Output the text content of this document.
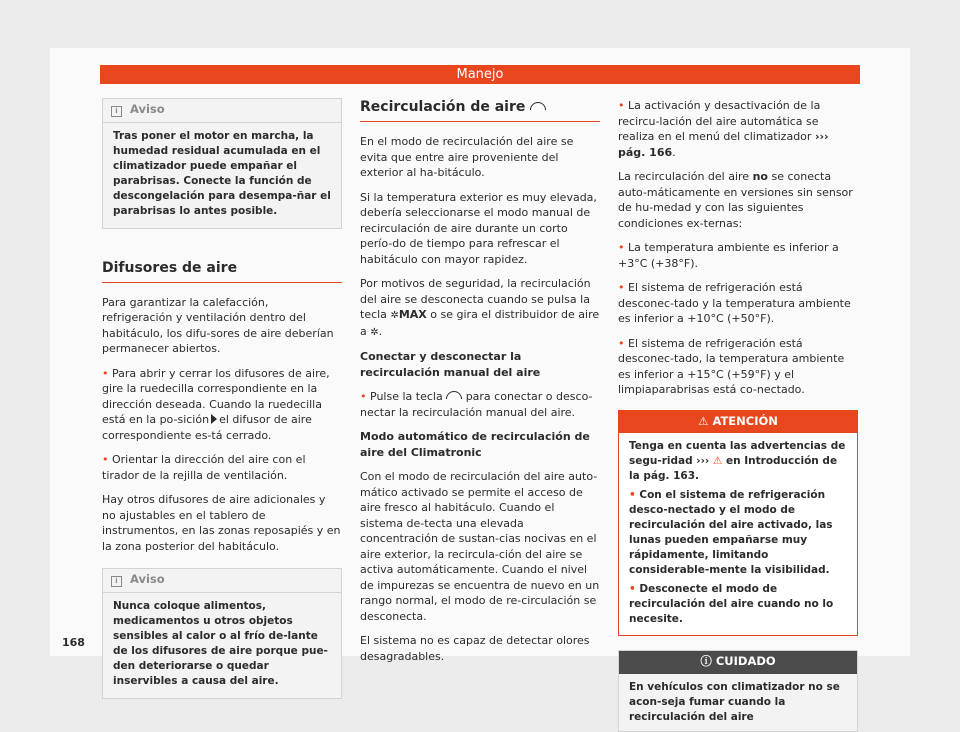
Manejo
i Aviso
Tras poner el motor en marcha, la humedad residual acumulada en el climatizador puede empañar el parabrisas. Conecte la función de descongelación para desempa-ñar el parabrisas lo antes posible.
Difusores de aire

Para garantizar la calefacción, refrigeración y ventilación dentro del habitáculo, los difu-sores de aire deberían permanecer abiertos.

• Para abrir y cerrar los difusores de aire, gire la ruedecilla correspondiente en la dirección deseada. Cuando la ruedecilla está en la po-sición el difusor de aire correspondiente es-tá cerrado.

• Orientar la dirección del aire con el tirador de la rejilla de ventilación.

Hay otros difusores de aire adicionales y no ajustables en el tablero de instrumentos, en las zonas reposapiés y en la zona posterior del habitáculo.

i Aviso
Nunca coloque alimentos, medicamentos u otros objetos sensibles al calor o al frío de-lante de los difusores de aire porque pue-den deteriorarse o quedar inservibles a causa del aire.
Recirculación de aire

En el modo de recirculación del aire se evita que entre aire proveniente del exterior al ha-bitáculo.

Si la temperatura exterior es muy elevada, debería seleccionarse el modo manual de recirculación de aire durante un corto perío-do de tiempo para refrescar el habitáculo con mayor rapidez.

Por motivos de seguridad, la recirculación del aire se desconecta cuando se pulsa la tecla ✲MAX o se gira el distribuidor de aire a ✲.

Conectar y desconectar la recirculación manual del aire

• Pulse la tecla para conectar o desco-nectar la recirculación manual del aire.

Modo automático de recirculación de aire del Climatronic

Con el modo de recirculación del aire auto-mático activado se permite el acceso de aire fresco al habitáculo. Cuando el sistema de-tecta una elevada concentración de sustan-cias nocivas en el aire exterior, la recircula-ción del aire se activa automáticamente. Cuando el nivel de impurezas se encuentra de nuevo en un rango normal, el modo de re-circulación se desconecta.

El sistema no es capaz de detectar olores desagradables.

• La activación y desactivación de la recircu-lación del aire automática se realiza en el menú del climatizador ››› pág. 166.

La recirculación del aire no se conecta auto-máticamente en versiones sin sensor de hu-medad y con las siguientes condiciones ex-ternas:

• La temperatura ambiente es inferior a +3°C (+38°F).

• El sistema de refrigeración está desconec-tado y la temperatura ambiente es inferior a +10°C (+50°F).

• El sistema de refrigeración está desconec-tado, la temperatura ambiente es inferior a +15°C (+59°F) y el limpiaparabrisas está co-nectado.

⚠ ATENCIÓN

Tenga en cuenta las advertencias de segu-ridad ››› ⚠ en Introducción de la pág. 163.

• Con el sistema de refrigeración desco-nectado y el modo de recirculación del aire activado, las lunas pueden empañarse muy rápidamente, limitando considerable-mente la visibilidad.

• Desconecte el modo de recirculación del aire cuando no lo necesite.

ⓘ CUIDADO
En vehículos con climatizador no se acon-seja fumar cuando la recirculación del aire
168
